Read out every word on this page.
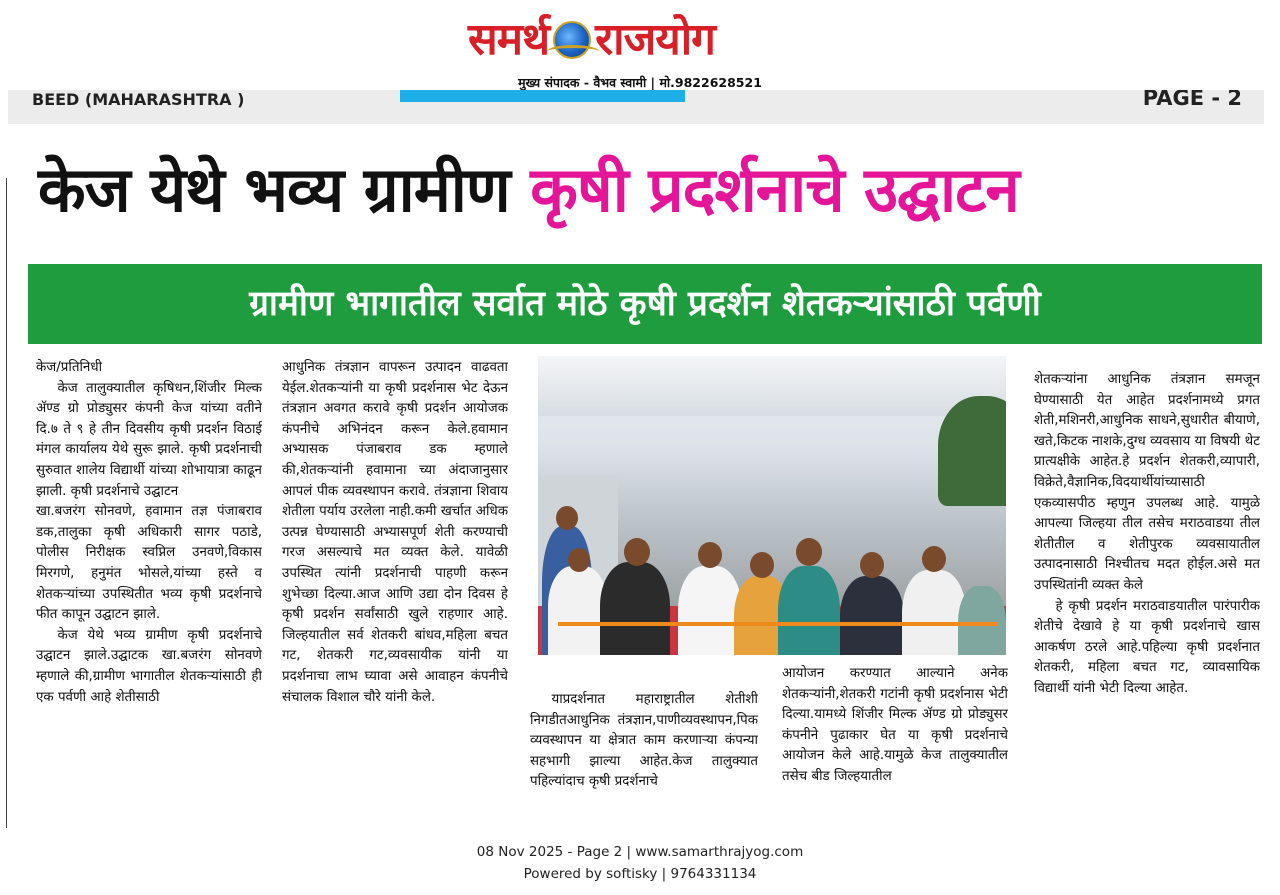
समर्थ राजयोग
मुख्य संपादक - वैभव स्वामी | मो.9822628521
BEED (MAHARASHTRA )	PAGE - 2
केज येथे भव्य ग्रामीण कृषी प्रदर्शनाचे उद्घाटन
ग्रामीण भागातील सर्वात मोठे कृषी प्रदर्शन शेतकऱ्यांसाठी पर्वणी

केज/प्रतिनिधी

केज तालुक्यातील कृषिधन,शिंजीर मिल्क ॲण्ड ग्रो प्रोड्युसर कंपनी केज यांच्या वतीने दि.७ ते ९ हे तीन दिवसीय कृषी प्रदर्शन विठाई मंगल कार्यालय येथे सुरू झाले. कृषी प्रदर्शनाची सुरुवात शालेय विद्यार्थी यांच्या शोभायात्रा काढून झाली. कृषी प्रदर्शनाचे उद्घाटन

खा.बजरंग सोनवणे, हवामान तज्ञ पंजाबराव डक,तालुका कृषी अधिकारी सागर पठाडे, पोलीस निरीक्षक स्वप्निल उनवणे,विकास मिरगणे, हनुमंत भोसले,यांच्या हस्ते व शेतकऱ्यांच्या उपस्थितीत भव्य कृषी प्रदर्शनाचे फीत कापून उद्घाटन झाले.

केज येथे भव्य ग्रामीण कृषी प्रदर्शनाचे उद्घाटन झाले.उद्घाटक खा.बजरंग सोनवणे म्हणाले की,ग्रामीण भागातील शेतकऱ्यांसाठी ही एक पर्वणी आहे शेतीसाठी

आधुनिक तंत्रज्ञान वापरून उत्पादन वाढवता येईल.शेतकऱ्यांनी या कृषी प्रदर्शनास भेट देऊन तंत्रज्ञान अवगत करावे कृषी प्रदर्शन आयोजक कंपनीचे अभिनंदन करून केले.हवामान अभ्यासक पंजाबराव डक म्हणाले की,शेतकऱ्यांनी हवामाना च्या अंदाजानुसार आपलं पीक व्यवस्थापन करावे. तंत्रज्ञाना शिवाय शेतीला पर्याय उरलेला नाही.कमी खर्चात अधिक उत्पन्न घेण्यासाठी अभ्यासपूर्ण शेती करण्याची गरज असल्याचे मत व्यक्त केले. यावेळी उपस्थित त्यांनी प्रदर्शनाची पाहणी करून शुभेच्छा दिल्या.आज आणि उद्या दोन दिवस हे कृषी प्रदर्शन सर्वांसाठी खुले राहणार आहे. जिल्हयातील सर्व शेतकरी बांधव,महिला बचत गट, शेतकरी गट,व्यवसायीक यांनी या प्रदर्शनाचा लाभ घ्यावा असे आवाहन कंपनीचे संचालक विशाल चौरे यांनी केले.	याप्रदर्शनात महाराष्ट्रातील शेतीशी निगडीतआधुनिक तंत्रज्ञान,पाणीव्यवस्थापन,पिक व्यवस्थापन या क्षेत्रात काम करणाऱ्या कंपन्या सहभागी झाल्या आहेत.केज तालुक्यात पहिल्यांदाच कृषी प्रदर्शनाचे

आयोजन करण्यात आल्याने अनेक शेतकऱ्यांनी,शेतकरी गटांनी कृषी प्रदर्शनास भेटी दिल्या.यामध्ये शिंजीर मिल्क ॲण्ड ग्रो प्रोड्युसर कंपनीने पुढाकार घेत या कृषी प्रदर्शनाचे आयोजन केले आहे.यामुळे केज तालुक्यातील तसेच बीड जिल्हयातील

शेतकऱ्यांना आधुनिक तंत्रज्ञान समजून घेण्यासाठी येत आहेत प्रदर्शनामध्ये प्रगत शेती,मशिनरी,आधुनिक साधने,सुधारीत बीयाणे, खते,किटक नाशके,दुग्ध व्यवसाय या विषयी थेट प्रात्यक्षीके आहेत.हे प्रदर्शन शेतकरी,व्यापारी, विक्रेते,वैज्ञानिक,विदयार्थीयांच्यासाठी एकव्यासपीठ म्हणुन उपलब्ध आहे. यामुळे आपल्या जिल्हया तील तसेच मराठवाडया तील शेतीतील व शेतीपुरक व्यवसायातील उत्पादनासाठी निश्चीतच मदत होईल.असे मत उपस्थितांनी व्यक्त केले

हे कृषी प्रदर्शन मराठवाडयातील पारंपारीक शेतीचे देखावे हे या कृषी प्रदर्शनाचे खास आकर्षण ठरले आहे.पहिल्या कृषी प्रदर्शनात शेतकरी, महिला बचत गट, व्यावसायिक विद्यार्थी यांनी भेटी दिल्या आहेत.

08 Nov 2025 - Page 2 | www.samarthrajyog.com
Powered by softisky | 9764331134
